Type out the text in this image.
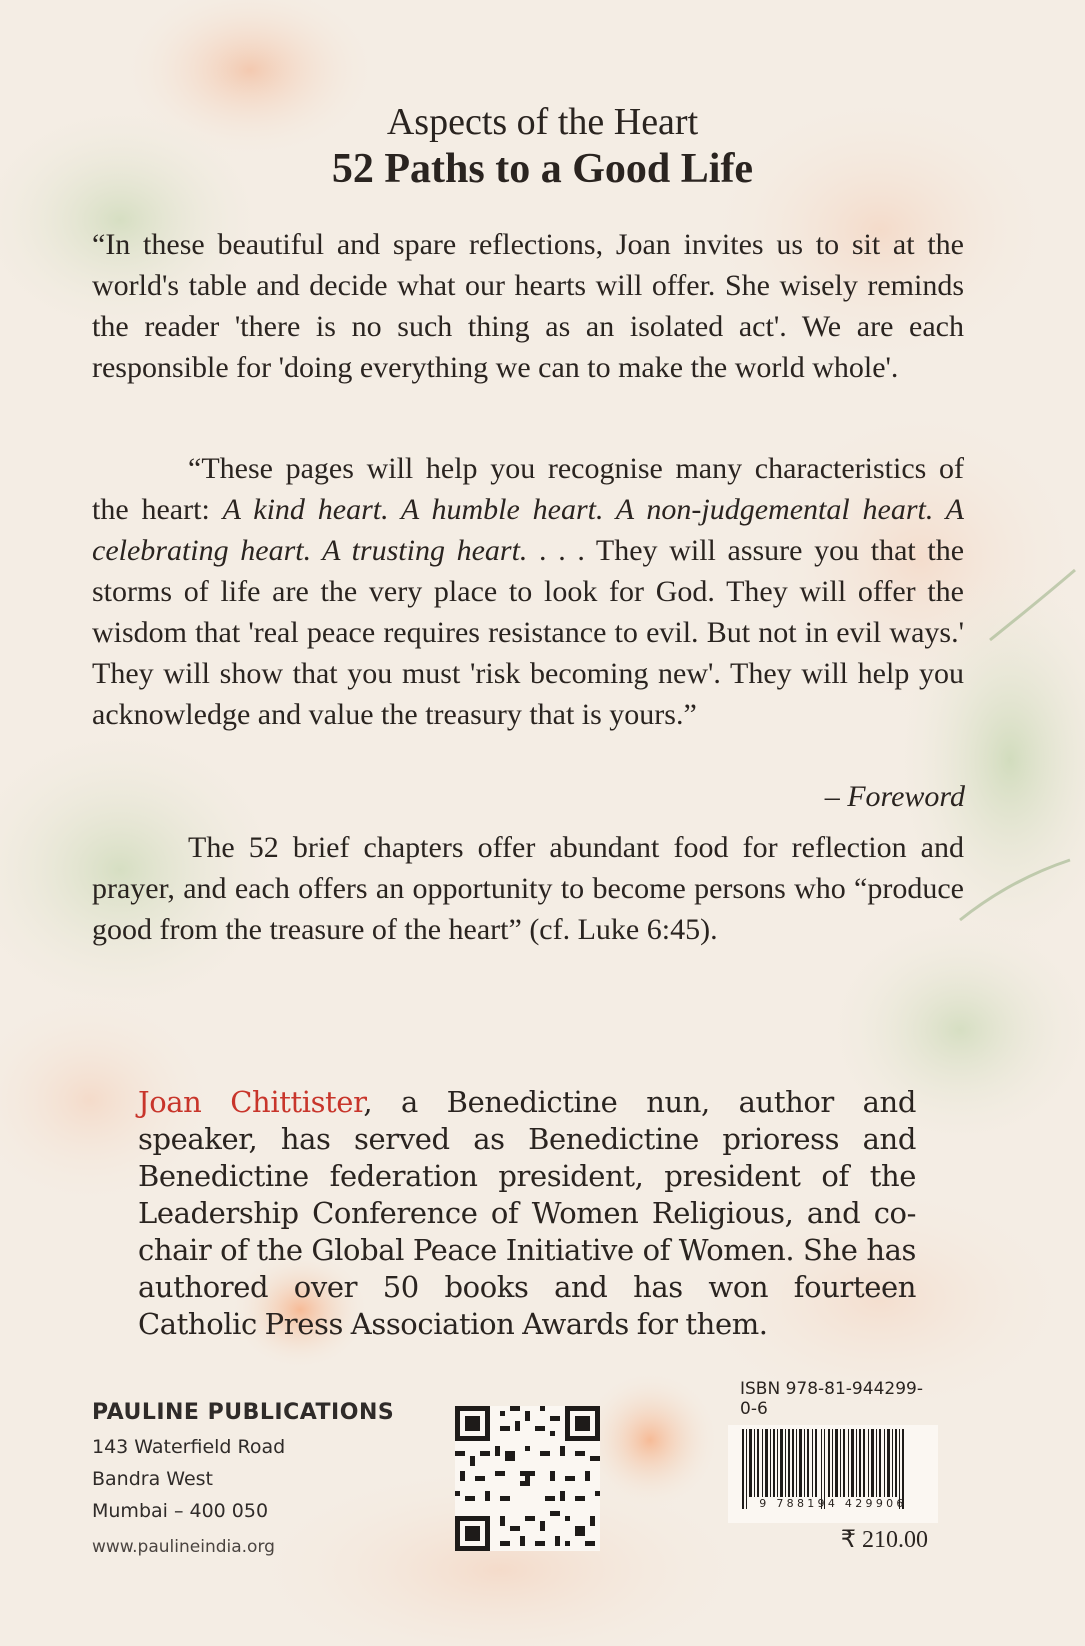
Aspects of the Heart
52 Paths to a Good Life

“In these beautiful and spare reflections, Joan invites us to sit at the world's table and decide what our hearts will offer. She wisely reminds the reader 'there is no such thing as an isolated act'. We are each responsible for 'doing everything we can to make the world whole'.

“These pages will help you recognise many characteristics of the heart: A kind heart. A humble heart. A non-judgemental heart. A celebrating heart. A trusting heart. . . . They will assure you that the storms of life are the very place to look for God. They will offer the wisdom that 'real peace requires resistance to evil. But not in evil ways.' They will show that you must 'risk becoming new'. They will help you acknowledge and value the treasury that is yours.”

– Foreword

The 52 brief chapters offer abundant food for reflection and prayer, and each offers an opportunity to become persons who “produce good from the treasure of the heart” (cf. Luke 6:45).

Joan Chittister, a Benedictine nun, author and speaker, has served as Benedictine prioress and Benedictine federation president, president of the Leadership Conference of Women Religious, and co-chair of the Global Peace Initiative of Women. She has authored over 50 books and has won fourteen Catholic Press Association Awards for them.

PAULINE PUBLICATIONS
143 Waterfield Road
Bandra West
Mumbai – 400 050
www.paulineindia.org
ISBN 978-81-944299-0-6
9 788194 429906
₹ 210.00
